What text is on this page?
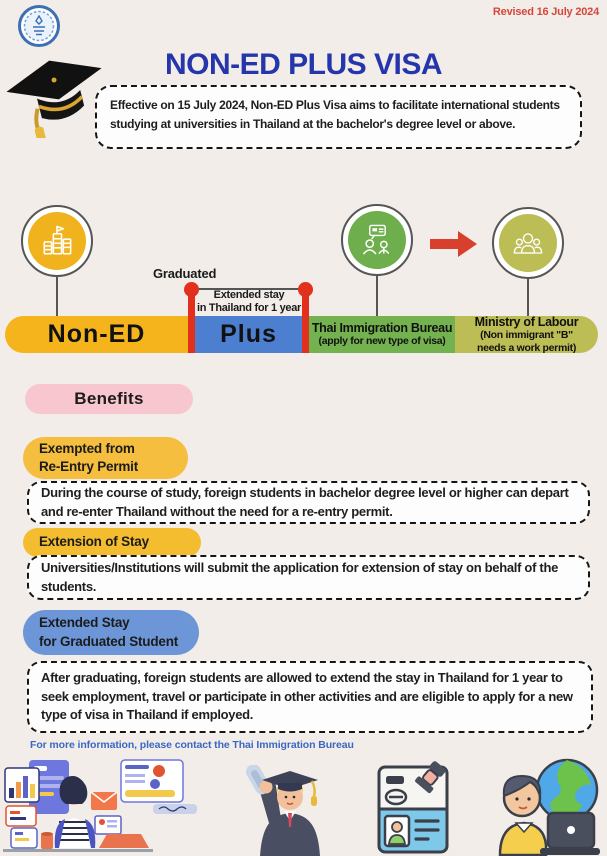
Revised 16 July 2024
NON-ED PLUS VISA
Effective on 15 July 2024, Non-ED Plus Visa aims to facilitate international students studying at universities in Thailand at the bachelor's degree level or above.
Graduated
Extended stay
in Thailand for 1 year
Non-ED	Plus	Thai Immigration Bureau
(apply for new type of visa)
Ministry of Labour
(Non immigrant "B"
needs a work permit)
Benefits
Exempted from
Re-Entry Permit
During the course of study, foreign students in bachelor degree level or higher can depart and re-enter Thailand without the need for a re-entry permit.
Extension of Stay
Universities/Institutions will submit the application for extension of stay on behalf of the students.
Extended Stay
for Graduated Student
After graduating, foreign students are allowed to extend the stay in Thailand for 1 year to seek employment, travel or participate in other activities and are eligible to apply for a new type of visa in Thailand if employed.
For more information, please contact the Thai Immigration Bureau
